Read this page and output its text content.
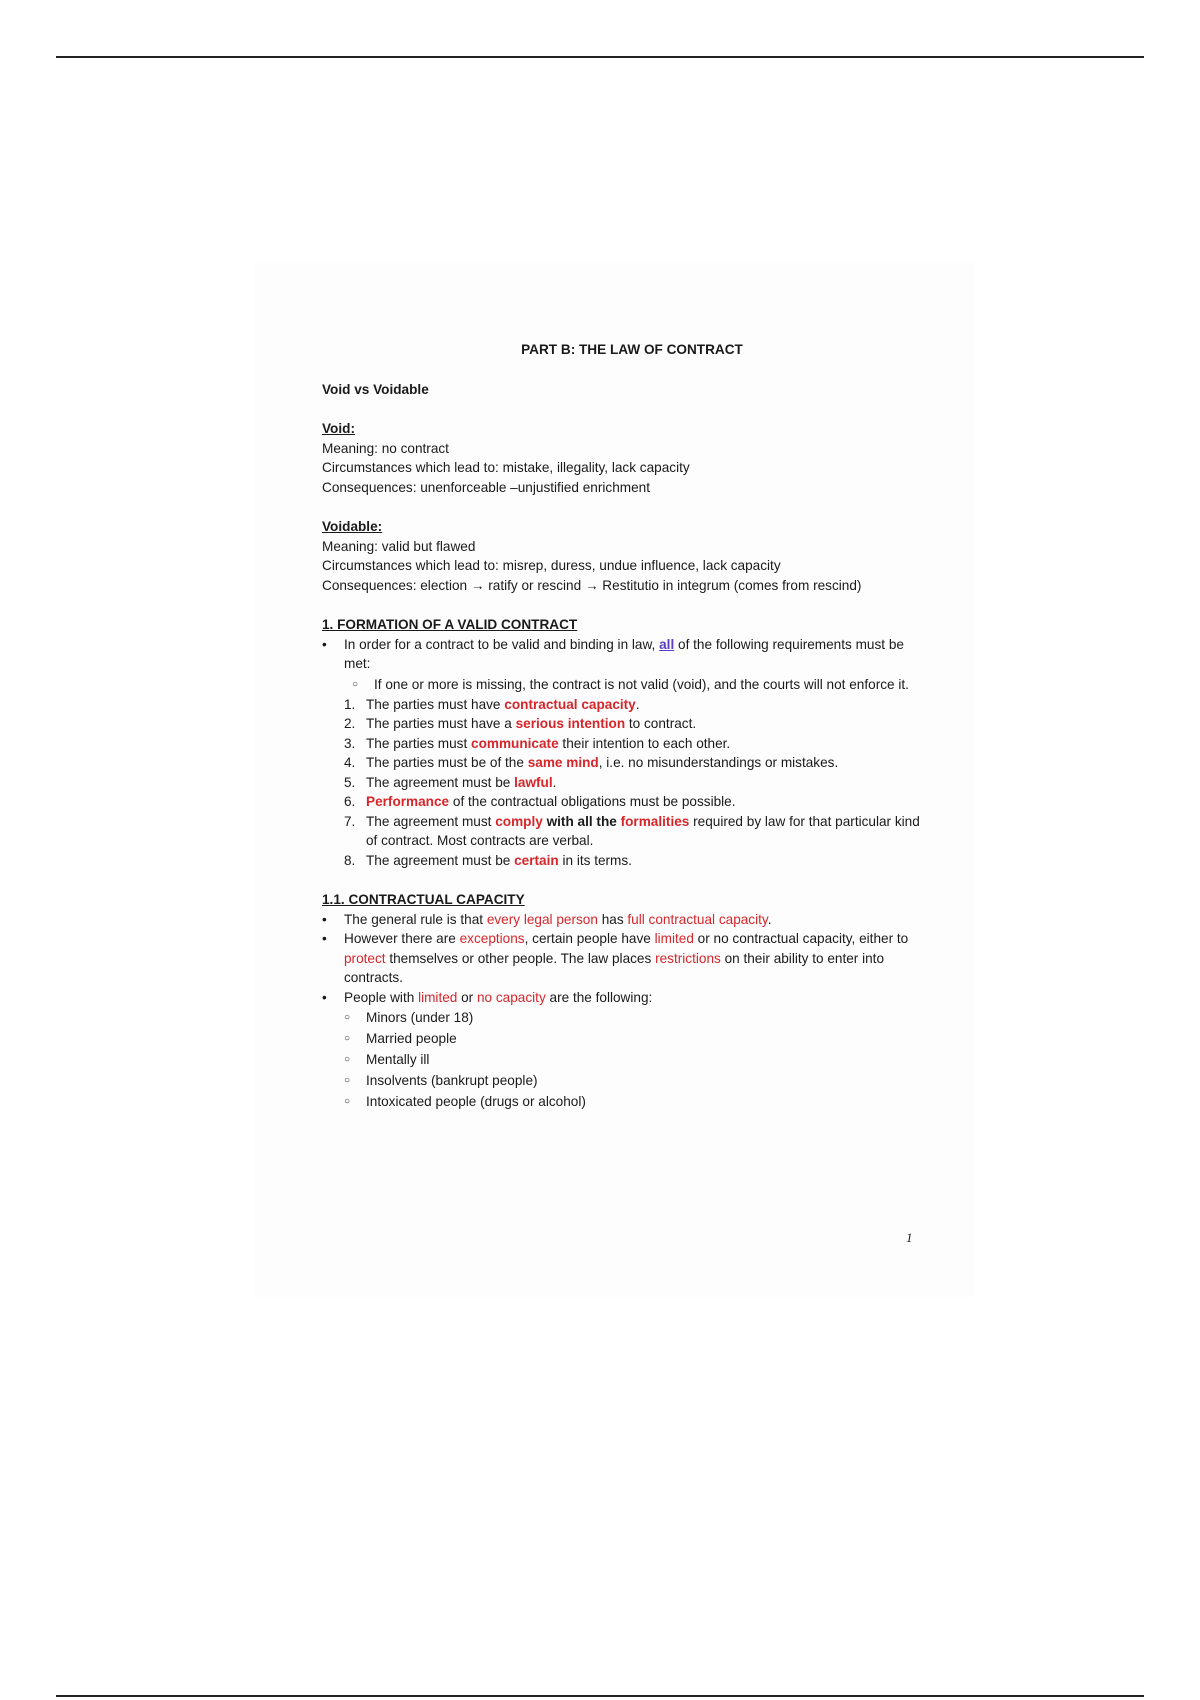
PART B: THE LAW OF CONTRACT

Void vs Voidable

Void:

Meaning: no contract

Circumstances which lead to: mistake, illegality, lack capacity

Consequences: unenforceable –unjustified enrichment

Voidable:

Meaning: valid but flawed

Circumstances which lead to: misrep, duress, undue influence, lack capacity

Consequences: election → ratify or rescind → Restitutio in integrum (comes from rescind)

1. FORMATION OF A VALID CONTRACT

• In order for a contract to be valid and binding in law, all of the following requirements must be met:

○ If one or more is missing, the contract is not valid (void), and the courts will not enforce it.

1. The parties must have contractual capacity.

2. The parties must have a serious intention to contract.

3. The parties must communicate their intention to each other.

4. The parties must be of the same mind, i.e. no misunderstandings or mistakes.

5. The agreement must be lawful.

6. Performance of the contractual obligations must be possible.

7. The agreement must comply with all the formalities required by law for that particular kind of contract. Most contracts are verbal.

8. The agreement must be certain in its terms.

1.1. CONTRACTUAL CAPACITY

• The general rule is that every legal person has full contractual capacity.

• However there are exceptions, certain people have limited or no contractual capacity, either to protect themselves or other people. The law places restrictions on their ability to enter into contracts.

• People with limited or no capacity are the following:

○ Minors (under 18)

○ Married people

○ Mentally ill

○ Insolvents (bankrupt people)

○ Intoxicated people (drugs or alcohol)

1
